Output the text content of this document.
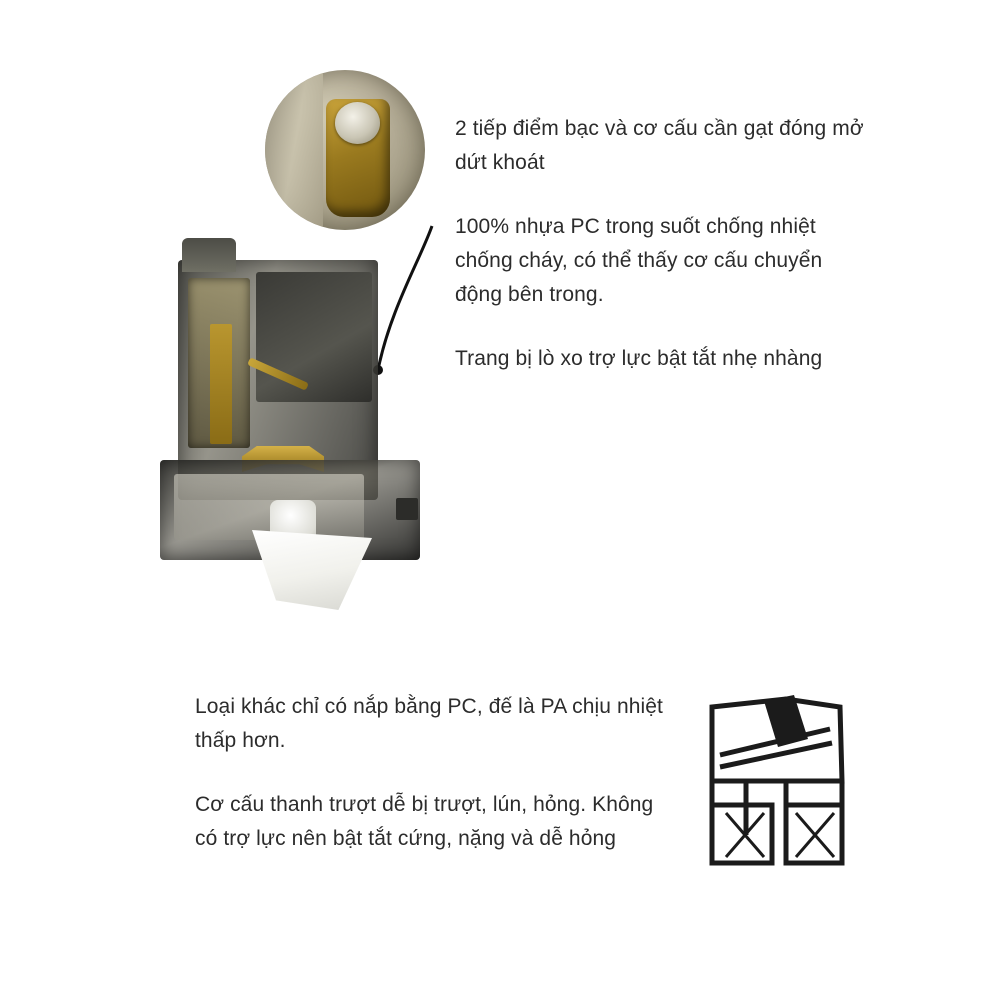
2 tiếp điểm bạc và cơ cấu cần gạt đóng mở dứt khoát

100% nhựa PC trong suốt chống nhiệt chống cháy, có thể thấy cơ cấu chuyển động bên trong.

Trang bị lò xo trợ lực bật tắt nhẹ nhàng

Loại khác chỉ có nắp bằng PC, đế là PA chịu nhiệt thấp hơn.

Cơ cấu thanh trượt dễ bị trượt, lún, hỏng. Không có trợ lực nên bật tắt cứng, nặng và dễ hỏng
